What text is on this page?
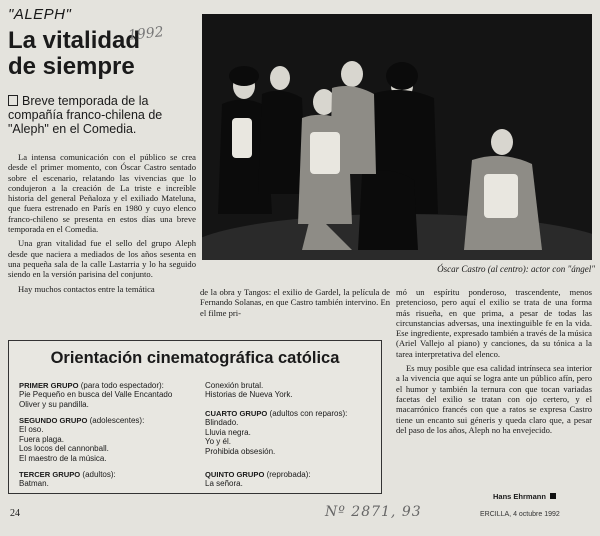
"ALEPH"
La vitalidad
de siempre
1992
Breve temporada de la compañía franco-chilena de "Aleph" en el Comedia.

La intensa comunicación con el público se crea desde el primer momento, con Óscar Castro sentado sobre el escenario, relatando las vivencias que lo condujeron a la creación de La triste e increíble historia del general Peñaloza y el exiliado Mateluna, que fuera estrenado en París en 1980 y cuyo elenco franco-chileno se presenta en estos días una breve temporada en el Comedia.

Una gran vitalidad fue el sello del grupo Aleph desde que naciera a mediados de los años sesenta en una pequeña sala de la calle Lastarria y lo ha seguido siendo en la versión parisina del conjunto.

Hay muchos contactos entre la temática

Óscar Castro (al centro): actor con "ángel"

de la obra y Tangos: el exilio de Gardel, la película de Fernando Solanas, en que Castro también intervino. En el filme pri-

mó un espíritu ponderoso, trascendente, menos pretencioso, pero aquí el exilio se trata de una forma más risueña, en que prima, a pesar de todas las circunstancias adversas, una inextinguible fe en la vida. Ese ingrediente, expresado también a través de la música (Ariel Vallejo al piano) y canciones, da su tónica a la tarea interpretativa del elenco.

Es muy posible que esa calidad intrínseca sea interior a la vivencia que aquí se logra ante un público afín, pero el humor y también la ternura con que tocan variadas facetas del exilio se tratan con ojo certero, y el macarrónico francés con que a ratos se expresa Castro tiene un encanto sui géneris y queda claro que, a pesar del paso de los años, Aleph no ha envejecido.

Hans Ehrmann
Orientación cinematográfica católica
PRIMER GRUPO (para todo espectador):
Pie Pequeño en busca del Valle Encantado
Oliver y su pandilla.
SEGUNDO GRUPO (adolescentes):
El oso.
Fuera plaga.
Los locos del cannonball.
El maestro de la música.
TERCER GRUPO (adultos):
Batman.
Conexión brutal.
Historias de Nueva York.
CUARTO GRUPO (adultos con reparos):
Blindado.
Lluvia negra.
Yo y él.
Prohibida obsesión.
QUINTO GRUPO (reprobada):
La señora.
24	Nº 2871, 93	ERCILLA, 4 octubre 1992
